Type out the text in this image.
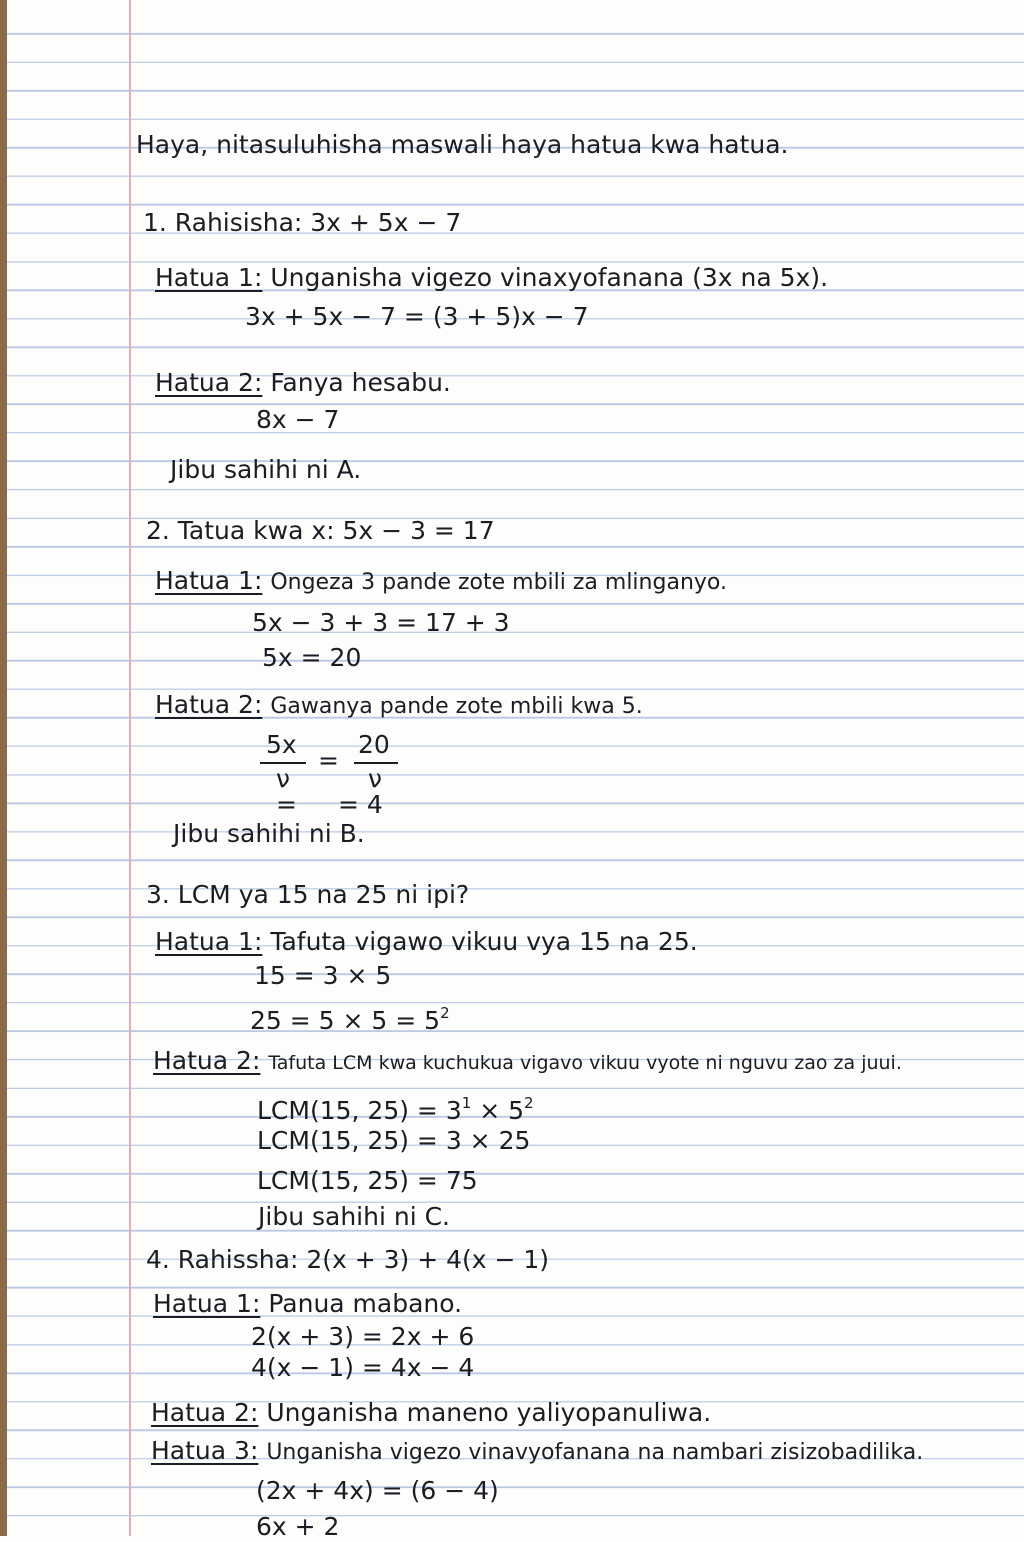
Haya, nitasuluhisha maswali haya hatua kwa hatua.
1. Rahisisha: 3x + 5x − 7
Hatua 1: Unganisha vigezo vinaxyofanana (3x na 5x).
3x + 5x − 7 = (3 + 5)x − 7
Hatua 2: Fanya hesabu.
8x − 7
Jibu sahihi ni A.
2. Tatua kwa x: 5x − 3 = 17
Hatua 1: Ongeza 3 pande zote mbili za mlinganyo.
5x − 3 + 3 = 17 + 3
5x = 20
Hatua 2: Gawanya pande zote mbili kwa 5.
5x
ν
=
20
ν
= = 4
Jibu sahihi ni B.
3. LCM ya 15 na 25 ni ipi?
Hatua 1: Tafuta vigawo vikuu vya 15 na 25.
15 = 3 × 5
$25 = 5 \times 5 = 5^2$
Hatua 2: Tafuta LCM kwa kuchukua vigavo vikuu vyote ni nguvu zao za juui.
LCM(15, $25) = 3^1 \times 5^2$
LCM(15, 25) = 3 × 25
LCM(15, 25) = 75
Jibu sahihi ni C.
4. Rahissha: 2(x + 3) + 4(x − 1)
Hatua 1: Panua mabano.
2(x + 3) = 2x + 6
4(x − 1) = 4x − 4
Hatua 2: Unganisha maneno yaliyopanuliwa.
Hatua 3: Unganisha vigezo vinavyofanana na nambari zisizobadilika.
(2x + 4x) = (6 − 4)
6x + 2
